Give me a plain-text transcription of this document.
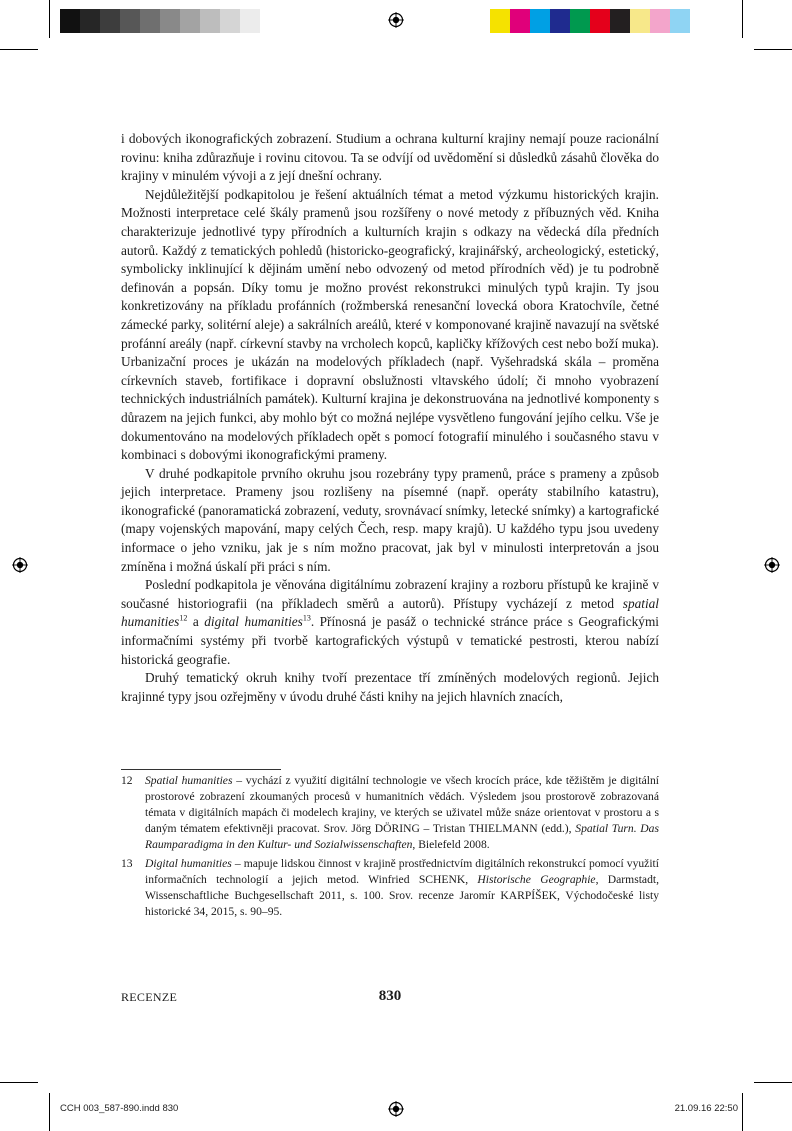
i dobových ikonografických zobrazení. Studium a ochrana kulturní krajiny nemají pouze racionální rovinu: kniha zdůrazňuje i rovinu citovou. Ta se odvíjí od uvědomění si důsledků zásahů člověka do krajiny v minulém vývoji a z její dnešní ochrany.

Nejdůležitější podkapitolou je řešení aktuálních témat a metod výzkumu historických krajin. Možnosti interpretace celé škály pramenů jsou rozšířeny o nové metody z příbuzných věd. Kniha charakterizuje jednotlivé typy přírodních a kulturních krajin s odkazy na vědecká díla předních autorů. Každý z tematických pohledů (historicko-geografický, krajinářský, archeologický, estetický, symbolicky inklinující k dějinám umění nebo odvozený od metod přírodních věd) je tu podrobně definován a popsán. Díky tomu je možno provést rekonstrukci minulých typů krajin. Ty jsou konkretizovány na příkladu profánních (rožmberská renesanční lovecká obora Kratochvíle, četné zámecké parky, solitérní aleje) a sakrálních areálů, které v komponované krajině navazují na světské profánní areály (např. církevní stavby na vrcholech kopců, kapličky křížových cest nebo boží muka). Urbanizační proces je ukázán na modelových příkladech (např. Vyšehradská skála – proměna církevních staveb, fortifikace i dopravní obslužnosti vltavského údolí; či mnoho vyobrazení technických industriálních památek). Kulturní krajina je dekonstruována na jednotlivé komponenty s důrazem na jejich funkci, aby mohlo být co možná nejlépe vysvětleno fungování jejího celku. Vše je dokumentováno na modelových příkladech opět s pomocí fotografií minulého i současného stavu v kombinaci s dobovými ikonografickými prameny.

V druhé podkapitole prvního okruhu jsou rozebrány typy pramenů, práce s prameny a způsob jejich interpretace. Prameny jsou rozlišeny na písemné (např. operáty stabilního katastru), ikonografické (panoramatická zobrazení, veduty, srovnávací snímky, letecké snímky) a kartografické (mapy vojenských mapování, mapy celých Čech, resp. mapy krajů). U každého typu jsou uvedeny informace o jeho vzniku, jak je s ním možno pracovat, jak byl v minulosti interpretován a jsou zmíněna i možná úskalí při práci s ním.

Poslední podkapitola je věnována digitálnímu zobrazení krajiny a rozboru přístupů ke krajině v současné historiografii (na příkladech směrů a autorů). Přístupy vycházejí z metod spatial humanities$^{12}$ a digital humanities$^{13}$. Přínosná je pasáž o technické stránce práce s Geografickými informačními systémy při tvorbě kartografických výstupů v tematické pestrosti, kterou nabízí historická geografie.

Druhý tematický okruh knihy tvoří prezentace tří zmíněných modelových regionů. Jejich krajinné typy jsou ozřejměny v úvodu druhé části knihy na jejich hlavních znacích,

12	Spatial humanities – vychází z využití digitální technologie ve všech krocích práce, kde těžištěm je digitální prostorové zobrazení zkoumaných procesů v humanitních vědách. Výsledem jsou prostorově zobrazovaná témata v digitálních mapách či modelech krajiny, ve kterých se uživatel může snáze orientovat v prostoru a s daným tématem efektivněji pracovat. Srov. Jörg DÖRING – Tristan THIELMANN (edd.), Spatial Turn. Das Raumparadigma in den Kultur- und Sozialwissenschaften, Bielefeld 2008.
13	Digital humanities – mapuje lidskou činnost v krajině prostřednictvím digitálních rekonstrukcí pomocí využití informačních technologií a jejich metod. Winfried SCHENK, Historische Geographie, Darmstadt, Wissenschaftliche Buchgesellschaft 2011, s. 100. Srov. recenze Jaromír KARPÍŠEK, Východočeské listy historické 34, 2015, s. 90–95.
RECENZE	830
CCH 003_587-890.indd 830	21.09.16 22:50
